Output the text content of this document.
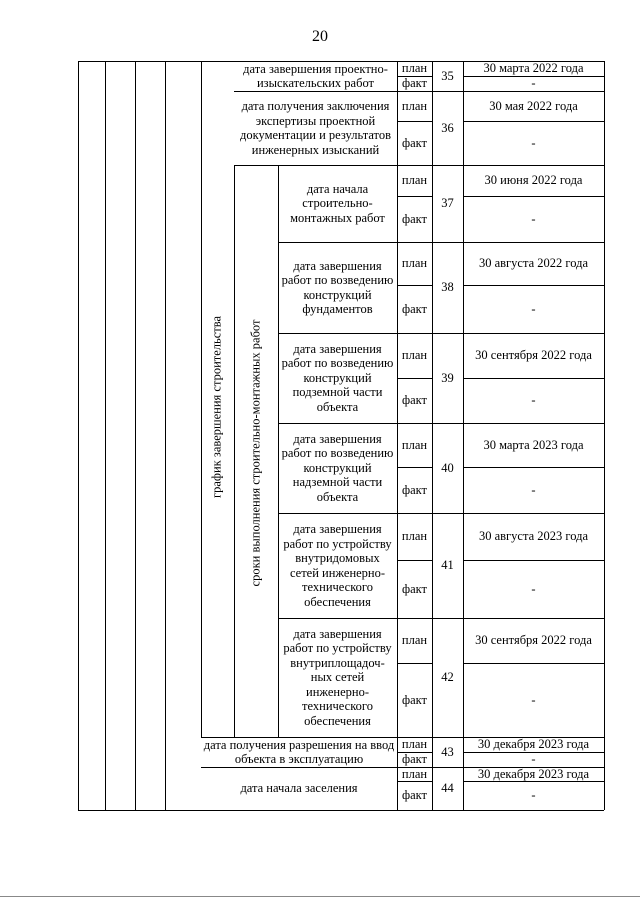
20
дата завершения проектно-изыскательских работ
план
факт
35
30 марта 2022 года
-
дата получения заключения экспертизы проектной документации и результатов инженерных изысканий
план
факт
36
30 мая 2022 года
-
дата начала строительно-монтажных работ
план
факт
37
30 июня 2022 года
-
дата завершения работ по возведению конструкций фундаментов
план
факт
38
30 августа 2022 года
-
дата завершения работ по возведению конструкций подземной части объекта
план
факт
39
30 сентября 2022 года
-
дата завершения работ по возведению конструкций надземной части объекта
план
факт
40
30 марта 2023 года
-
дата завершения работ по устройству внутридомовых сетей инженерно-технического обеспечения
план
факт
41
30 августа 2023 года
-
дата завершения работ по устройству внутриплощадоч-ных сетей инженерно-технического обеспечения
план
факт
42
30 сентября 2022 года
-
дата получения разрешения на ввод объекта в эксплуатацию
план
факт
43
30 декабря 2023 года
-
дата начала заселения
план
факт	44
30 декабря 2023 года
-
график завершения строительства сроки выполнения строительно-монтажных работ
